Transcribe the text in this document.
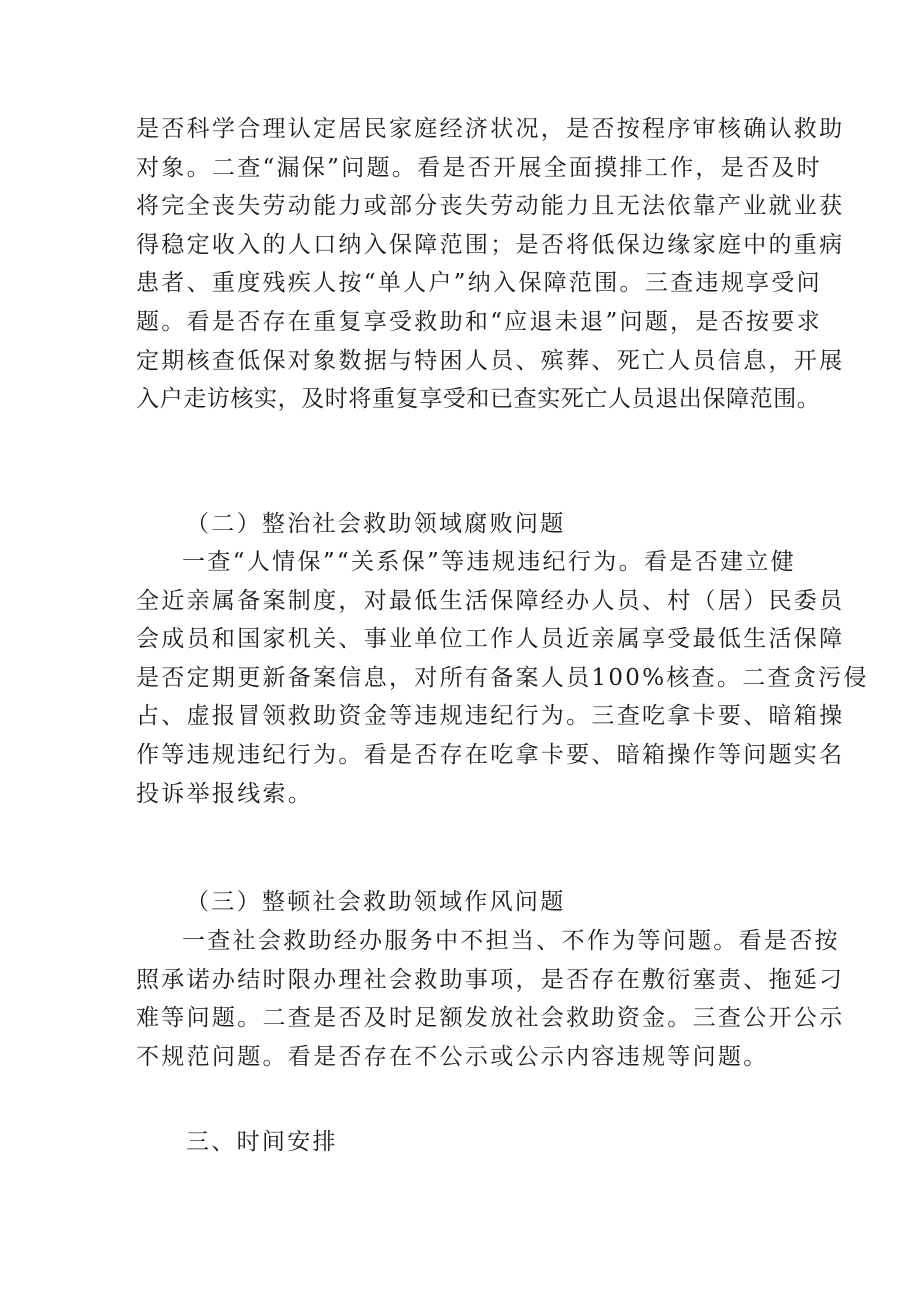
是否科学合理认定居民家庭经济状况，是否按程序审核确认救助
对象。二查“漏保”问题。看是否开展全面摸排工作，是否及时
将完全丧失劳动能力或部分丧失劳动能力且无法依靠产业就业获
得稳定收入的人口纳入保障范围；是否将低保边缘家庭中的重病
患者、重度残疾人按“单人户”纳入保障范围。三查违规享受问
题。看是否存在重复享受救助和“应退未退”问题，是否按要求
定期核查低保对象数据与特困人员、殡葬、死亡人员信息，开展
入户走访核实，及时将重复享受和已查实死亡人员退出保障范围。
（二）整治社会救助领域腐败问题
一查“人情保”“关系保”等违规违纪行为。看是否建立健
全近亲属备案制度，对最低生活保障经办人员、村（居）民委员
会成员和国家机关、事业单位工作人员近亲属享受最低生活保障
是否定期更新备案信息，对所有备案人员100%核查。二查贪污侵
占、虚报冒领救助资金等违规违纪行为。三查吃拿卡要、暗箱操
作等违规违纪行为。看是否存在吃拿卡要、暗箱操作等问题实名
投诉举报线索。
（三）整顿社会救助领域作风问题
一查社会救助经办服务中不担当、不作为等问题。看是否按
照承诺办结时限办理社会救助事项，是否存在敷衍塞责、拖延刁
难等问题。二查是否及时足额发放社会救助资金。三查公开公示
不规范问题。看是否存在不公示或公示内容违规等问题。
三、时间安排
